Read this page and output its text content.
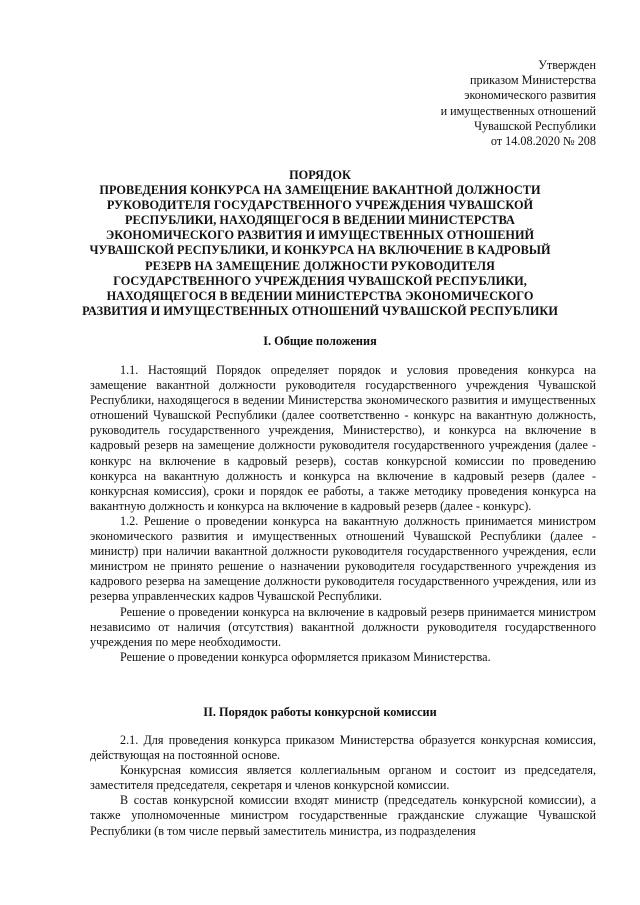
Утвержден
приказом Министерства
экономического развития
и имущественных отношений
Чувашской Республики
от 14.08.2020 № 208
ПОРЯДОК
ПРОВЕДЕНИЯ КОНКУРСА НА ЗАМЕЩЕНИЕ ВАКАНТНОЙ ДОЛЖНОСТИ
РУКОВОДИТЕЛЯ ГОСУДАРСТВЕННОГО УЧРЕЖДЕНИЯ ЧУВАШСКОЙ
РЕСПУБЛИКИ, НАХОДЯЩЕГОСЯ В ВЕДЕНИИ МИНИСТЕРСТВА
ЭКОНОМИЧЕСКОГО РАЗВИТИЯ И ИМУЩЕСТВЕННЫХ ОТНОШЕНИЙ
ЧУВАШСКОЙ РЕСПУБЛИКИ, И КОНКУРСА НА ВКЛЮЧЕНИЕ В КАДРОВЫЙ
РЕЗЕРВ НА ЗАМЕЩЕНИЕ ДОЛЖНОСТИ РУКОВОДИТЕЛЯ
ГОСУДАРСТВЕННОГО УЧРЕЖДЕНИЯ ЧУВАШСКОЙ РЕСПУБЛИКИ,
НАХОДЯЩЕГОСЯ В ВЕДЕНИИ МИНИСТЕРСТВА ЭКОНОМИЧЕСКОГО
РАЗВИТИЯ И ИМУЩЕСТВЕННЫХ ОТНОШЕНИЙ ЧУВАШСКОЙ РЕСПУБЛИКИ
I. Общие положения

1.1. Настоящий Порядок определяет порядок и условия проведения конкурса на замещение вакантной должности руководителя государственного учреждения Чувашской Республики, находящегося в ведении Министерства экономического развития и имущественных отношений Чувашской Республики (далее соответственно - конкурс на вакантную должность, руководитель государственного учреждения, Министерство), и конкурса на включение в кадровый резерв на замещение должности руководителя государственного учреждения (далее - конкурс на включение в кадровый резерв), состав конкурсной комиссии по проведению конкурса на вакантную должность и конкурса на включение в кадровый резерв (далее - конкурсная комиссия), сроки и порядок ее работы, а также методику проведения конкурса на вакантную должность и конкурса на включение в кадровый резерв (далее - конкурс).

1.2. Решение о проведении конкурса на вакантную должность принимается министром экономического развития и имущественных отношений Чувашской Республики (далее - министр) при наличии вакантной должности руководителя государственного учреждения, если министром не принято решение о назначении руководителя государственного учреждения из кадрового резерва на замещение должности руководителя государственного учреждения, или из резерва управленческих кадров Чувашской Республики.

Решение о проведении конкурса на включение в кадровый резерв принимается министром независимо от наличия (отсутствия) вакантной должности руководителя государственного учреждения по мере необходимости.

Решение о проведении конкурса оформляется приказом Министерства.

II. Порядок работы конкурсной комиссии

2.1. Для проведения конкурса приказом Министерства образуется конкурсная комиссия, действующая на постоянной основе.

Конкурсная комиссия является коллегиальным органом и состоит из председателя, заместителя председателя, секретаря и членов конкурсной комиссии.

В состав конкурсной комиссии входят министр (председатель конкурсной комиссии), а также уполномоченные министром государственные гражданские служащие Чувашской Республики (в том числе первый заместитель министра, из подразделения
